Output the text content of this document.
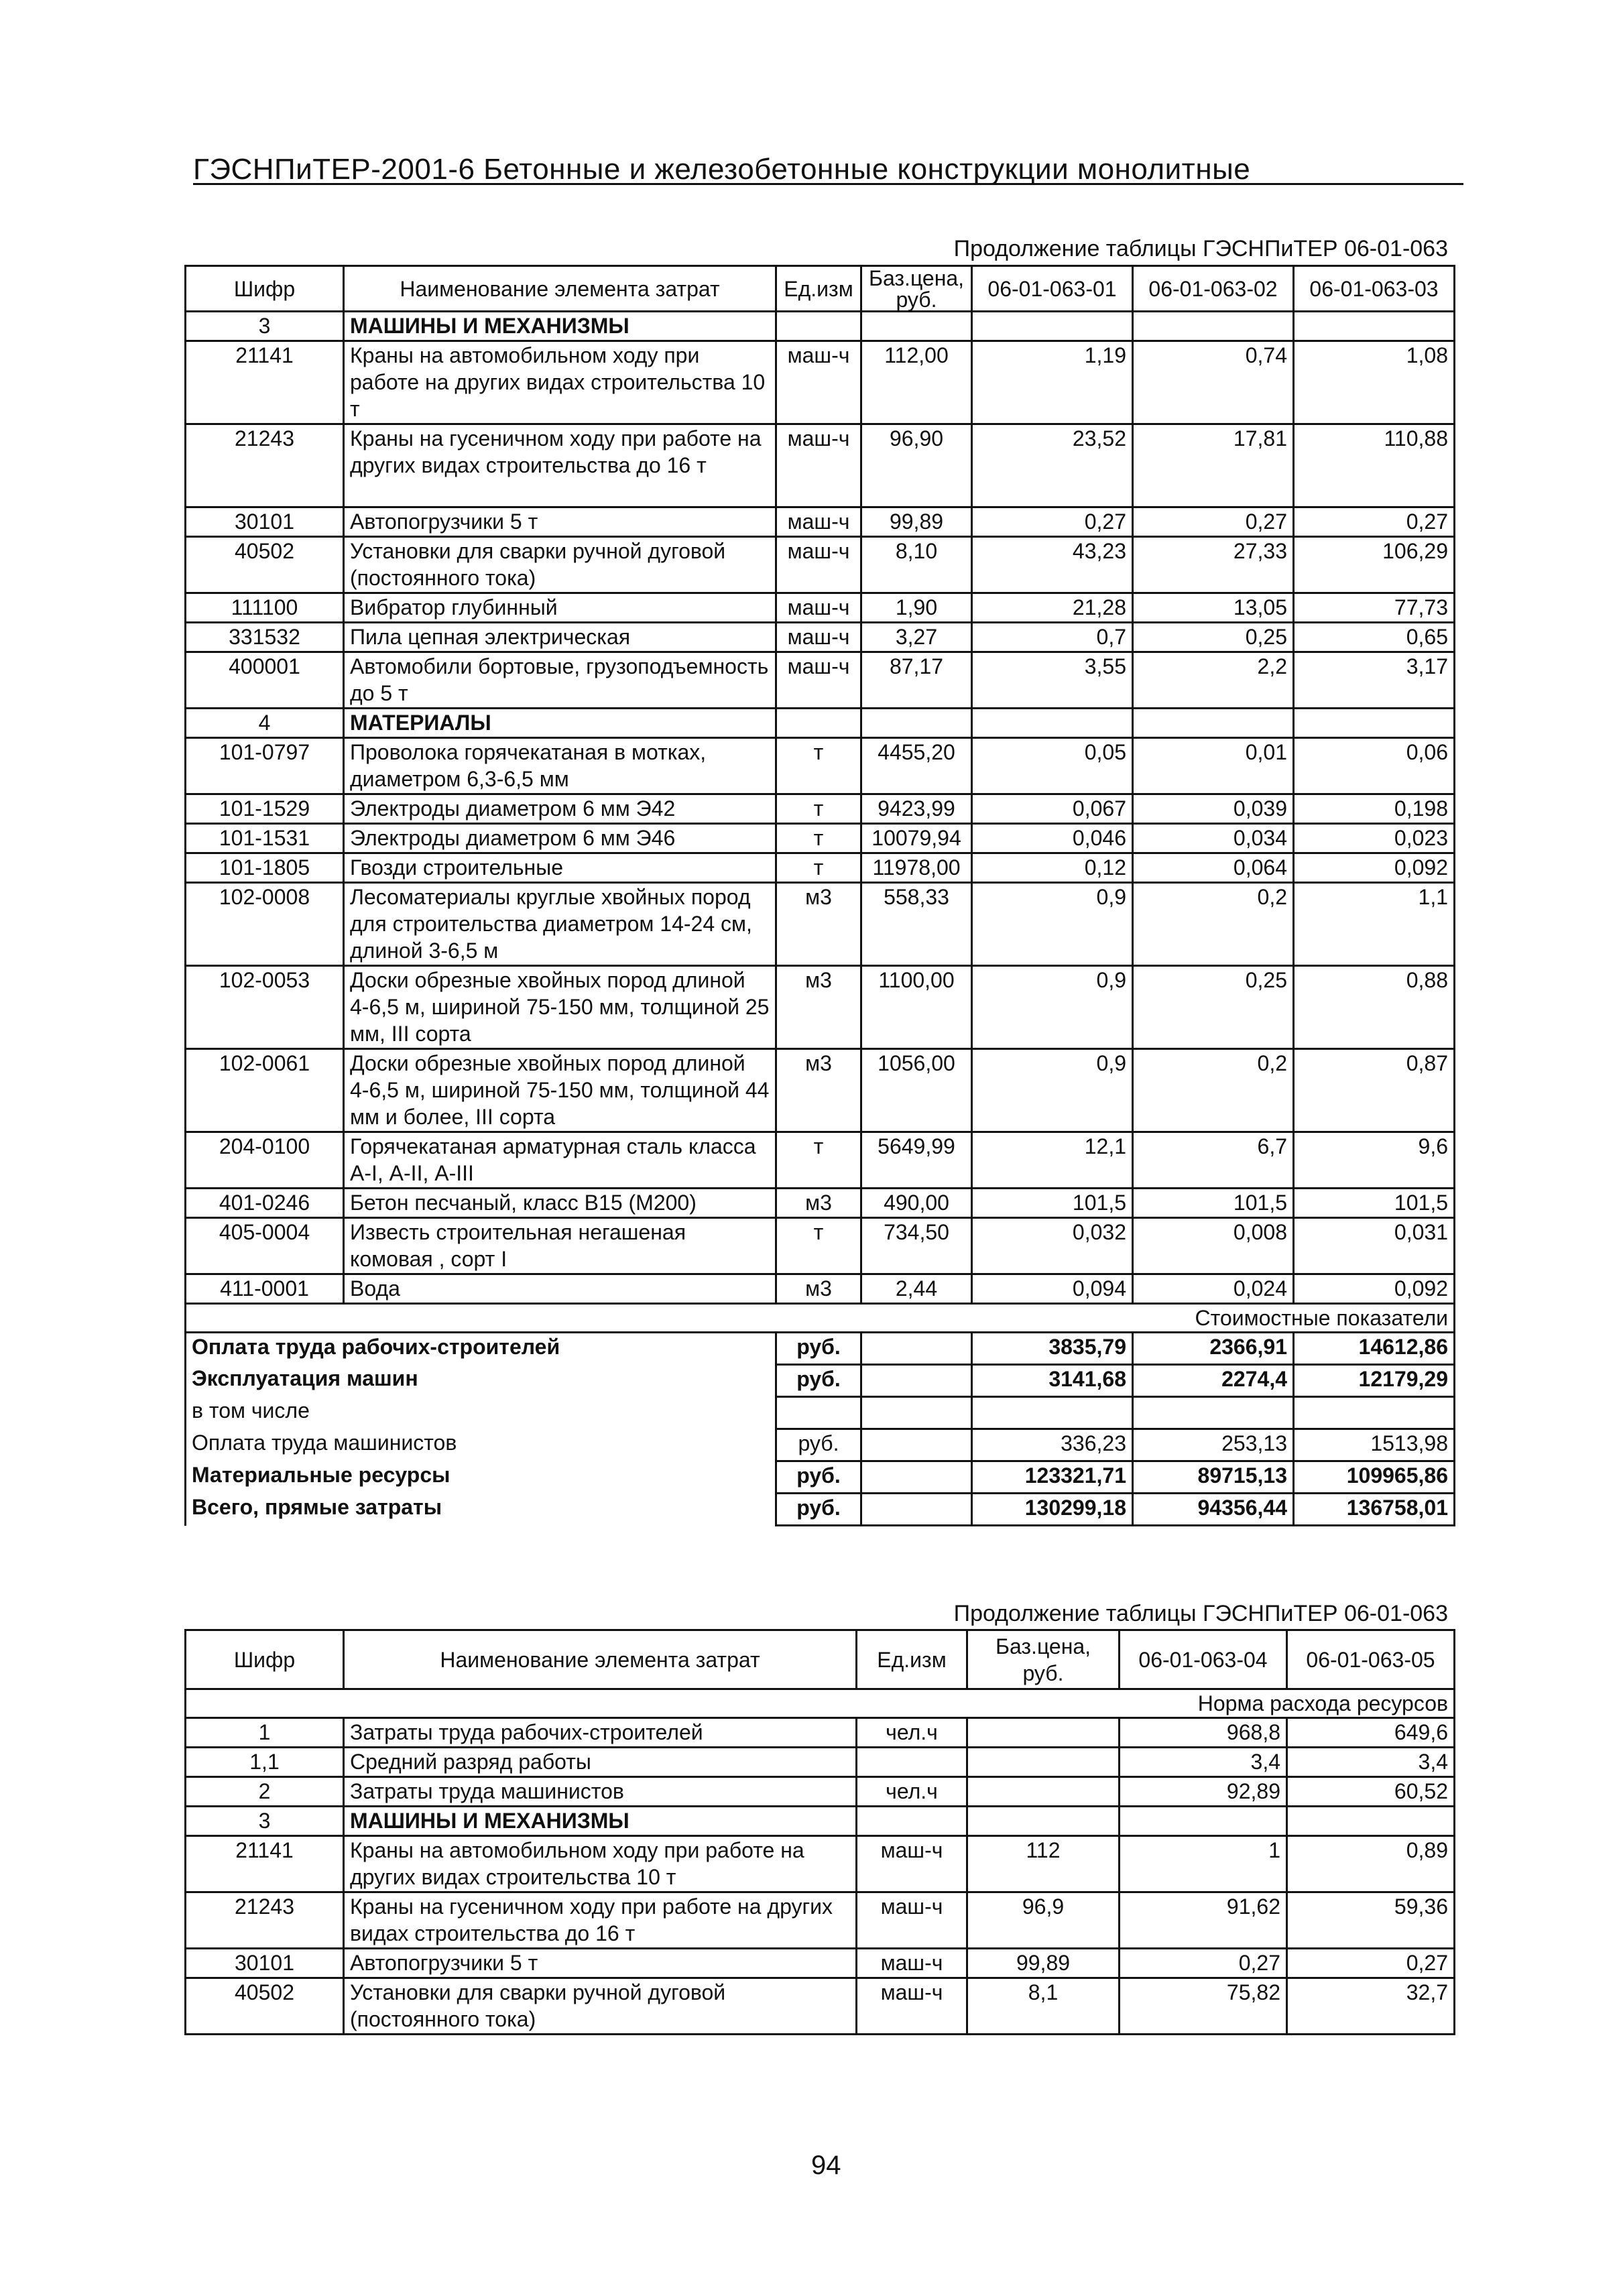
ГЭСНПиТЕР-2001-6 Бетонные и железобетонные конструкции монолитные
Продолжение таблицы ГЭСНПиТЕР 06-01-063
Шифр	Наименование элемента затрат	Ед.изм	Баз.цена, руб.	06-01-063-01	06-01-063-02	06-01-063-03
3	МАШИНЫ И МЕХАНИЗМЫ					
21141	Краны на автомобильном ходу при работе на других видах строительства 10 т	маш-ч	112,00	1,19	0,74	1,08
21243	Краны на гусеничном ходу при работе на других видах строительства до 16 т	маш-ч	96,90	23,52	17,81	110,88
30101	Автопогрузчики 5 т	маш-ч	99,89	0,27	0,27	0,27
40502	Установки для сварки ручной дуговой (постоянного тока)	маш-ч	8,10	43,23	27,33	106,29
111100	Вибратор глубинный	маш-ч	1,90	21,28	13,05	77,73
331532	Пила цепная электрическая	маш-ч	3,27	0,7	0,25	0,65
400001	Автомобили бортовые, грузоподъемность до 5 т	маш-ч	87,17	3,55	2,2	3,17
4	МАТЕРИАЛЫ					
101-0797	Проволока горячекатаная в мотках, диаметром 6,3-6,5 мм	т	4455,20	0,05	0,01	0,06
101-1529	Электроды диаметром 6 мм Э42	т	9423,99	0,067	0,039	0,198
101-1531	Электроды диаметром 6 мм Э46	т	10079,94	0,046	0,034	0,023
101-1805	Гвозди строительные	т	11978,00	0,12	0,064	0,092
102-0008	Лесоматериалы круглые хвойных пород для строительства диаметром 14-24 см, длиной 3-6,5 м	м3	558,33	0,9	0,2	1,1
102-0053	Доски обрезные хвойных пород длиной 4-6,5 м, шириной 75-150 мм, толщиной 25 мм, III сорта	м3	1100,00	0,9	0,25	0,88
102-0061	Доски обрезные хвойных пород длиной 4-6,5 м, шириной 75-150 мм, толщиной 44 мм и более, III сорта	м3	1056,00	0,9	0,2	0,87
204-0100	Горячекатаная арматурная сталь класса А-I, А-II, А-III	т	5649,99	12,1	6,7	9,6
401-0246	Бетон песчаный, класс В15 (М200)	м3	490,00	101,5	101,5	101,5
405-0004	Известь строительная негашеная комовая , сорт I	т	734,50	0,032	0,008	0,031
411-0001	Вода	м3	2,44	0,094	0,024	0,092
Стоимостные показатели						
Оплата труда рабочих-строителей		руб.		3835,79	2366,91	14612,86
Эксплуатация машин		руб.		3141,68	2274,4	12179,29
в том числе						
Оплата труда машинистов		руб.		336,23	253,13	1513,98
Материальные ресурсы		руб.		123321,71	89715,13	109965,86
Всего, прямые затраты		руб.		130299,18	94356,44	136758,01
Продолжение таблицы ГЭСНПиТЕР 06-01-063
Шифр	Наименование элемента затрат	Ед.изм	Баз.цена, руб.	06-01-063-04	06-01-063-05
Норма расхода ресурсов					
1	Затраты труда рабочих-строителей	чел.ч		968,8	649,6
1,1	Средний разряд работы			3,4	3,4
2	Затраты труда машинистов	чел.ч		92,89	60,52
3	МАШИНЫ И МЕХАНИЗМЫ				
21141	Краны на автомобильном ходу при работе на других видах строительства 10 т	маш-ч	112	1	0,89
21243	Краны на гусеничном ходу при работе на других видах строительства до 16 т	маш-ч	96,9	91,62	59,36
30101	Автопогрузчики 5 т	маш-ч	99,89	0,27	0,27
40502	Установки для сварки ручной дуговой (постоянного тока)	маш-ч	8,1	75,82	32,7
94
